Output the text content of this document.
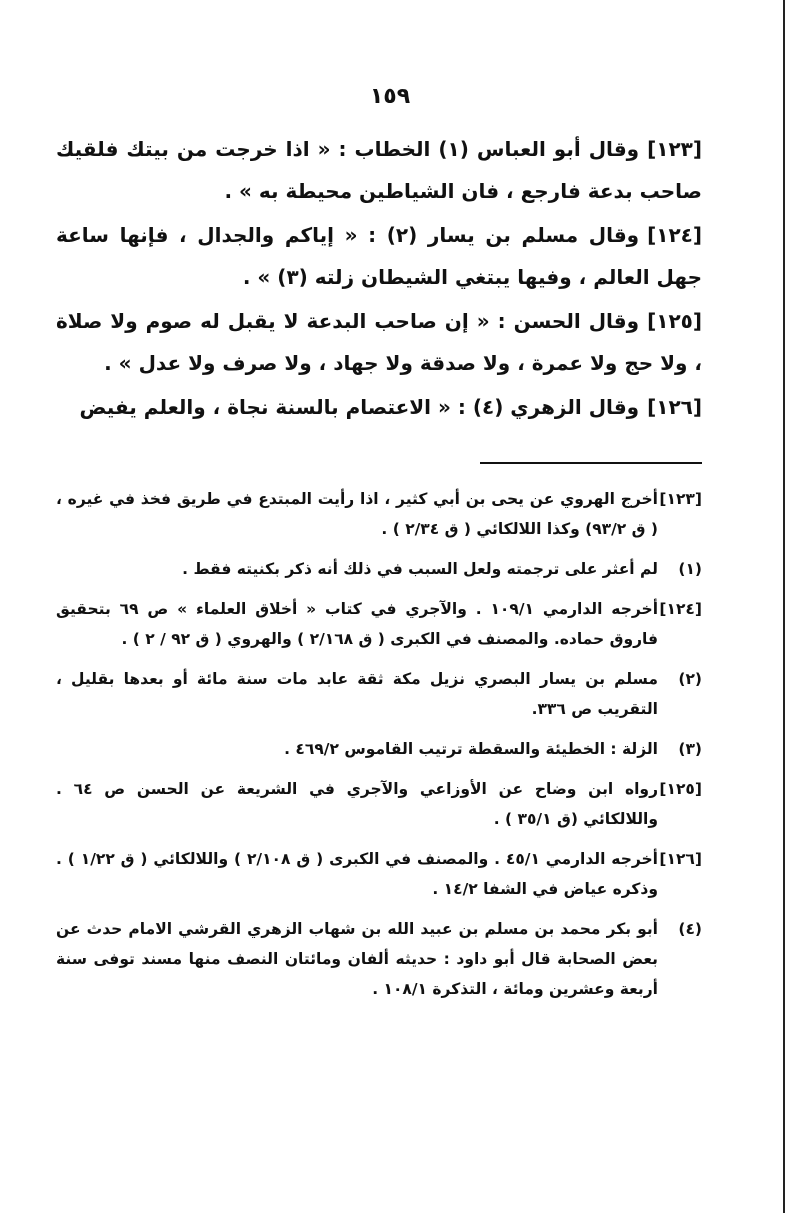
١٥٩

[١٢٣]وقال أبو العباس (١) الخطاب : « اذا خرجت من بيتك فلقيك صاحب بدعة فارجع ، فان الشياطين محيطة به » .

[١٢٤]وقال مسلم بن يسار (٢) : « إياكم والجدال ، فإنها ساعة جهل العالم ، وفيها يبتغي الشيطان زلته (٣) » .

[١٢٥]وقال الحسن : « إن صاحب البدعة لا يقبل له صوم ولا صلاة ، ولا حج ولا عمرة ، ولا صدقة ولا جهاد ، ولا صرف ولا عدل » .

[١٢٦]وقال الزهري (٤) : « الاعتصام بالسنة نجاة ، والعلم يفيض

[١٢٣]
أخرج الهروي عن يحى بن أبي كثير ، اذا رأيت المبتدع في طريق فخذ في غيره ، ( ق ٩٣/٢) وكذا اللالكائي ( ق ٢/٣٤ ) .
(١)
لم أعثر على ترجمته ولعل السبب في ذلك أنه ذكر بكنيته فقط .
[١٢٤]
أخرجه الدارمي ١٠٩/١ . والآجري في كتاب « أخلاق العلماء » ص ٦٩ بتحقيق فاروق حماده. والمصنف في الكبرى ( ق ٢/١٦٨ ) والهروي ( ق ٩٢ / ٢ ) .
(٢)
مسلم بن يسار البصري نزيل مكة ثقة عابد مات سنة مائة أو بعدها بقليل ، التقريب ص ٣٣٦.
(٣)
الزلة : الخطيئة والسقطة ترتيب القاموس ٤٦٩/٢ .
[١٢٥]
رواه ابن وضاح عن الأوزاعي والآجري في الشريعة عن الحسن ص ٦٤ . واللالكائي (ق ٣٥/١ ) .
[١٢٦]
أخرجه الدارمي ٤٥/١ . والمصنف في الكبرى ( ق ٢/١٠٨ ) واللالكائي ( ق ١/٢٢ ) . وذكره عياض في الشفا ١٤/٢ .
(٤)
أبو بكر محمد بن مسلم بن عبيد الله بن شهاب الزهري القرشي الامام حدث عن بعض الصحابة قال أبو داود : حديثه ألفان ومائتان النصف منها مسند توفى سنة أربعة وعشرين ومائة ، التذكرة ١٠٨/١ .
